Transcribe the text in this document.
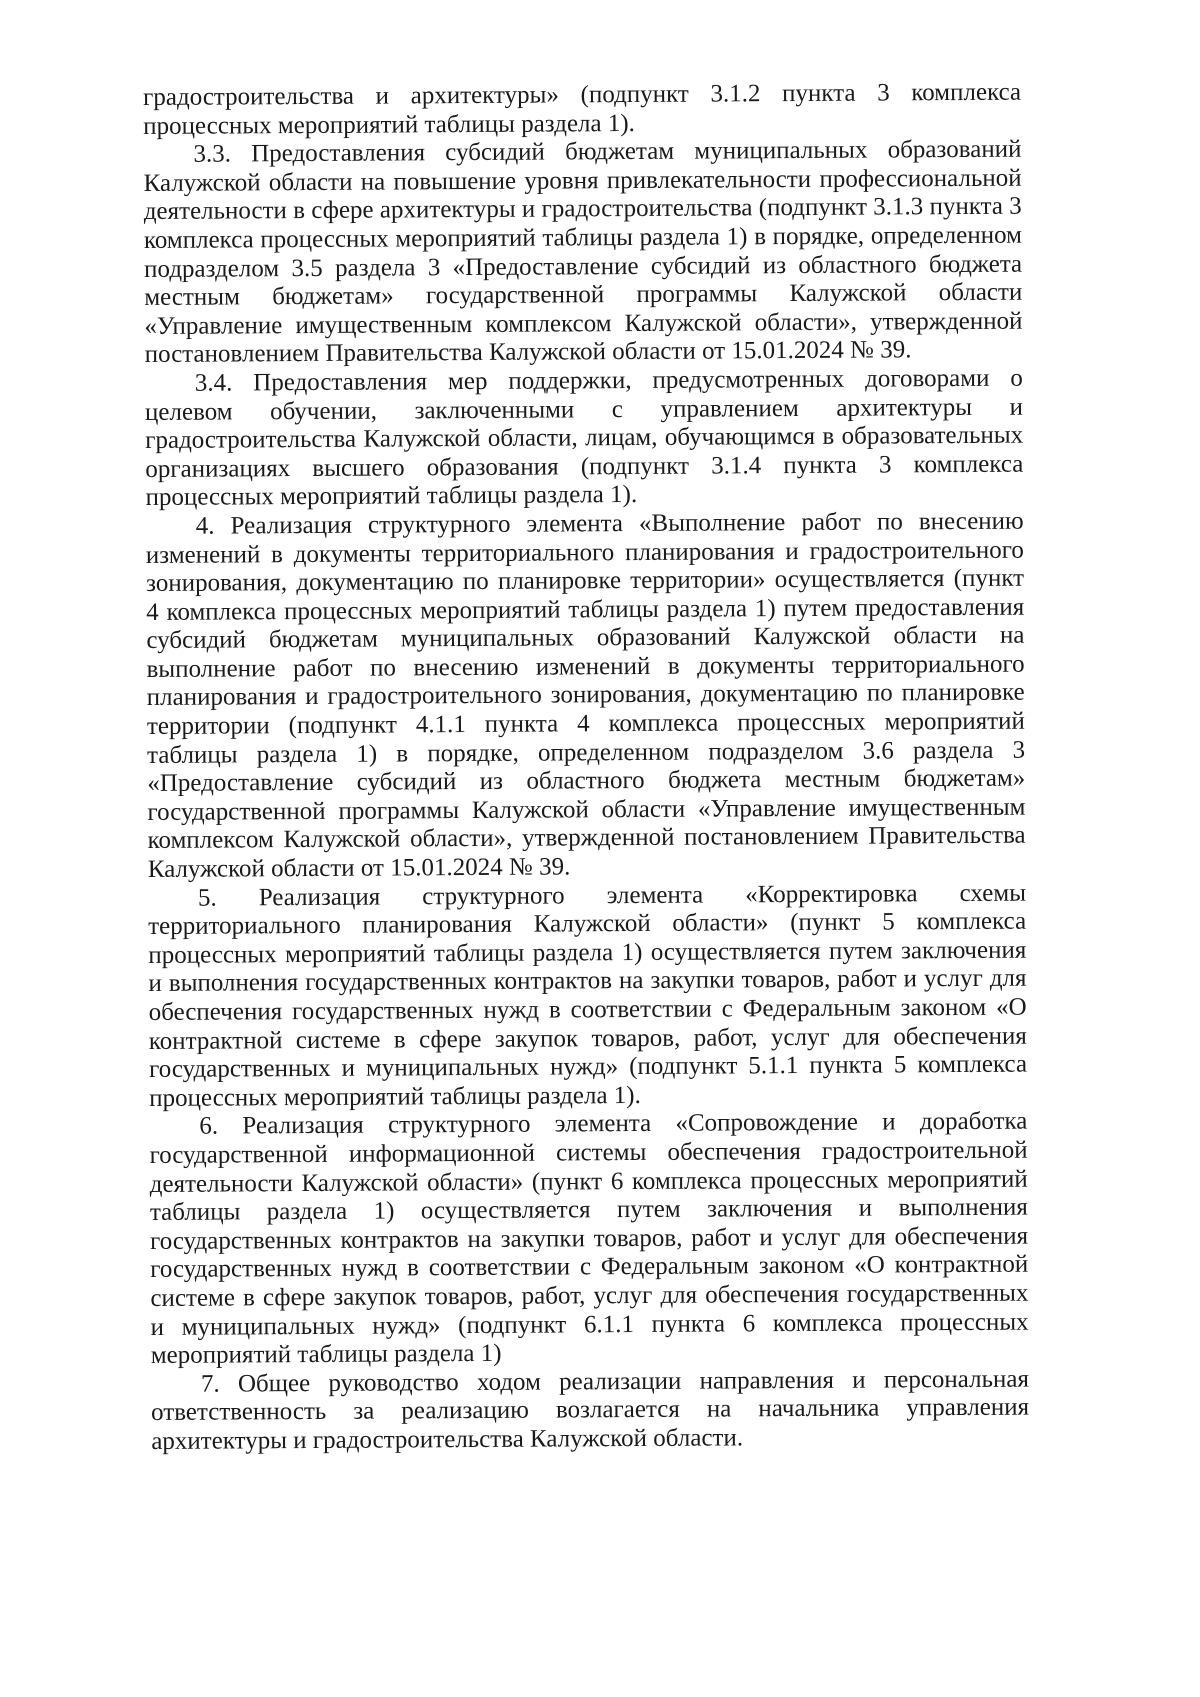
градостроительства и архитектуры» (подпункт 3.1.2 пункта 3 комплекса процессных мероприятий таблицы раздела 1).

3.3. Предоставления субсидий бюджетам муниципальных образований Калужской области на повышение уровня привлекательности профессиональной деятельности в сфере архитектуры и градостроительства (подпункт 3.1.3 пункта 3 комплекса процессных мероприятий таблицы раздела 1) в порядке, определенном подразделом 3.5 раздела 3 «Предоставление субсидий из областного бюджета местным бюджетам» государственной программы Калужской области «Управление имущественным комплексом Калужской области», утвержденной постановлением Правительства Калужской области от 15.01.2024 № 39.

3.4. Предоставления мер поддержки, предусмотренных договорами о целевом обучении, заключенными с управлением архитектуры и градостроительства Калужской области, лицам, обучающимся в образовательных организациях высшего образования (подпункт 3.1.4 пункта 3 комплекса процессных мероприятий таблицы раздела 1).

4. Реализация структурного элемента «Выполнение работ по внесению изменений в документы территориального планирования и градостроительного зонирования, документацию по планировке территории» осуществляется (пункт 4 комплекса процессных мероприятий таблицы раздела 1) путем предоставления субсидий бюджетам муниципальных образований Калужской области на выполнение работ по внесению изменений в документы территориального планирования и градостроительного зонирования, документацию по планировке территории (подпункт 4.1.1 пункта 4 комплекса процессных мероприятий таблицы раздела 1) в порядке, определенном подразделом 3.6 раздела 3 «Предоставление субсидий из областного бюджета местным бюджетам» государственной программы Калужской области «Управление имущественным комплексом Калужской области», утвержденной постановлением Правительства Калужской области от 15.01.2024 № 39.

5. Реализация структурного элемента «Корректировка схемы территориального планирования Калужской области» (пункт 5 комплекса процессных мероприятий таблицы раздела 1) осуществляется путем заключения и выполнения государственных контрактов на закупки товаров, работ и услуг для обеспечения государственных нужд в соответствии с Федеральным законом «О контрактной системе в сфере закупок товаров, работ, услуг для обеспечения государственных и муниципальных нужд» (подпункт 5.1.1 пункта 5 комплекса процессных мероприятий таблицы раздела 1).

6. Реализация структурного элемента «Сопровождение и доработка государственной информационной системы обеспечения градостроительной деятельности Калужской области» (пункт 6 комплекса процессных мероприятий таблицы раздела 1) осуществляется путем заключения и выполнения государственных контрактов на закупки товаров, работ и услуг для обеспечения государственных нужд в соответствии с Федеральным законом «О контрактной системе в сфере закупок товаров, работ, услуг для обеспечения государственных и муниципальных нужд» (подпункт 6.1.1 пункта 6 комплекса процессных мероприятий таблицы раздела 1)

7. Общее руководство ходом реализации направления и персональная ответственность за реализацию возлагается на начальника управления архитектуры и градостроительства Калужской области.
